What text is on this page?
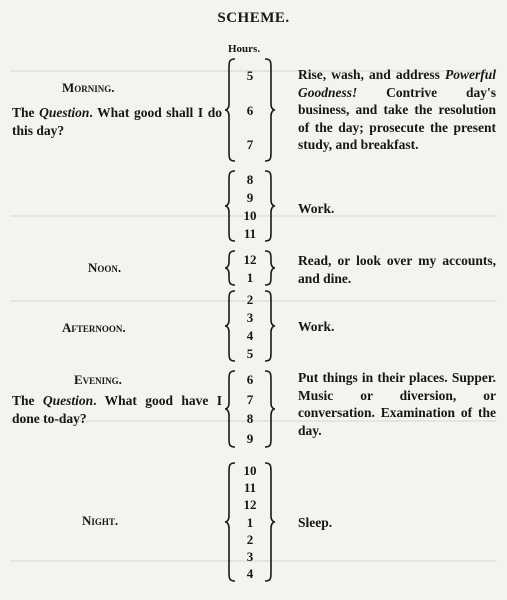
SCHEME.
Hours.
Morning.
The Question. What good shall I do this day?
5
6
7
Rise, wash, and address Powerful Goodness! Contrive day's business, and take the resolution of the day; prosecute the present study, and breakfast.
8
9
10
11
Work.
Noon.
12
1
Read, or look over my accounts, and dine.
Afternoon.
2
3
4
5
Work.
Evening.
The Question. What good have I done to-day?
6
7
8
9
Put things in their places. Supper. Music or diversion, or conversation. Examination of the day.
Night.
10
11
12
1
2
3
4
Sleep.
